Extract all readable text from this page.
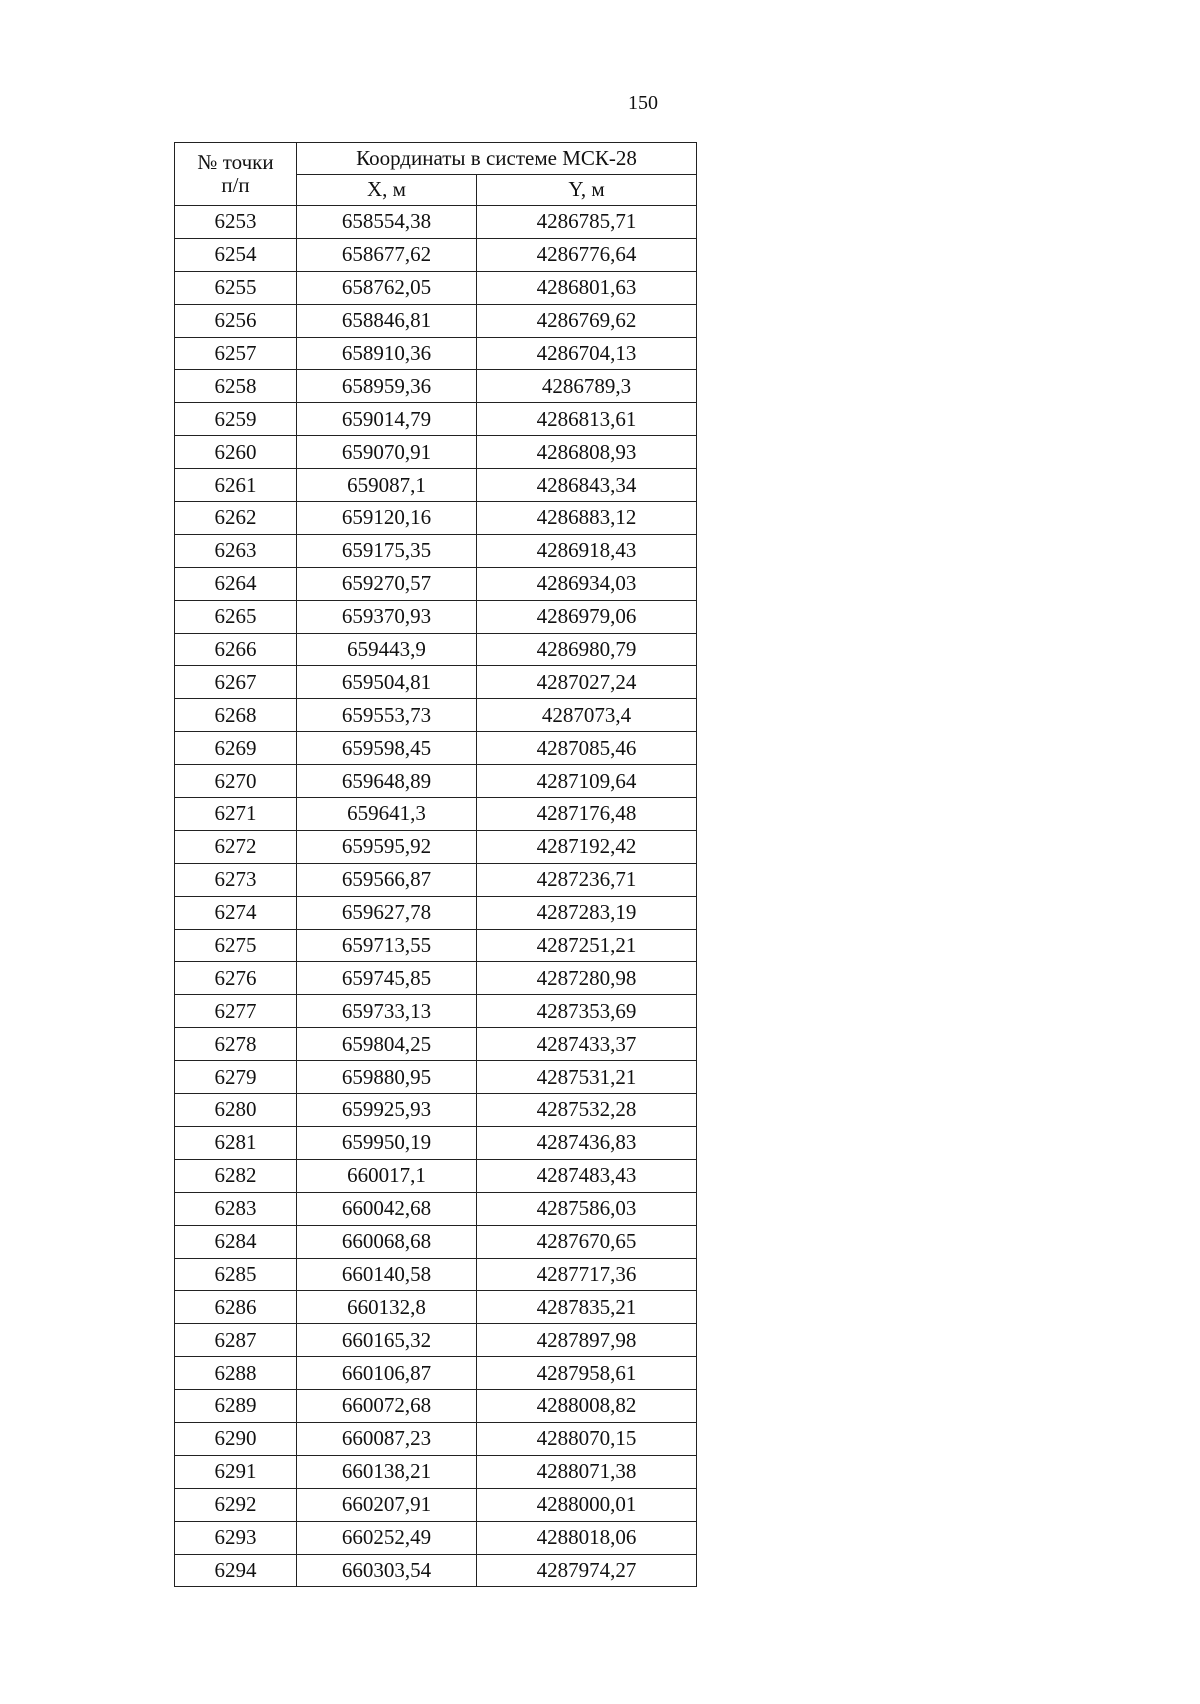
150
№ точки
п/п	Координаты в системе МСК-28	
	X, м	Y, м
6253	658554,38	4286785,71
6254	658677,62	4286776,64
6255	658762,05	4286801,63
6256	658846,81	4286769,62
6257	658910,36	4286704,13
6258	658959,36	4286789,3
6259	659014,79	4286813,61
6260	659070,91	4286808,93
6261	659087,1	4286843,34
6262	659120,16	4286883,12
6263	659175,35	4286918,43
6264	659270,57	4286934,03
6265	659370,93	4286979,06
6266	659443,9	4286980,79
6267	659504,81	4287027,24
6268	659553,73	4287073,4
6269	659598,45	4287085,46
6270	659648,89	4287109,64
6271	659641,3	4287176,48
6272	659595,92	4287192,42
6273	659566,87	4287236,71
6274	659627,78	4287283,19
6275	659713,55	4287251,21
6276	659745,85	4287280,98
6277	659733,13	4287353,69
6278	659804,25	4287433,37
6279	659880,95	4287531,21
6280	659925,93	4287532,28
6281	659950,19	4287436,83
6282	660017,1	4287483,43
6283	660042,68	4287586,03
6284	660068,68	4287670,65
6285	660140,58	4287717,36
6286	660132,8	4287835,21
6287	660165,32	4287897,98
6288	660106,87	4287958,61
6289	660072,68	4288008,82
6290	660087,23	4288070,15
6291	660138,21	4288071,38
6292	660207,91	4288000,01
6293	660252,49	4288018,06
6294	660303,54	4287974,27
